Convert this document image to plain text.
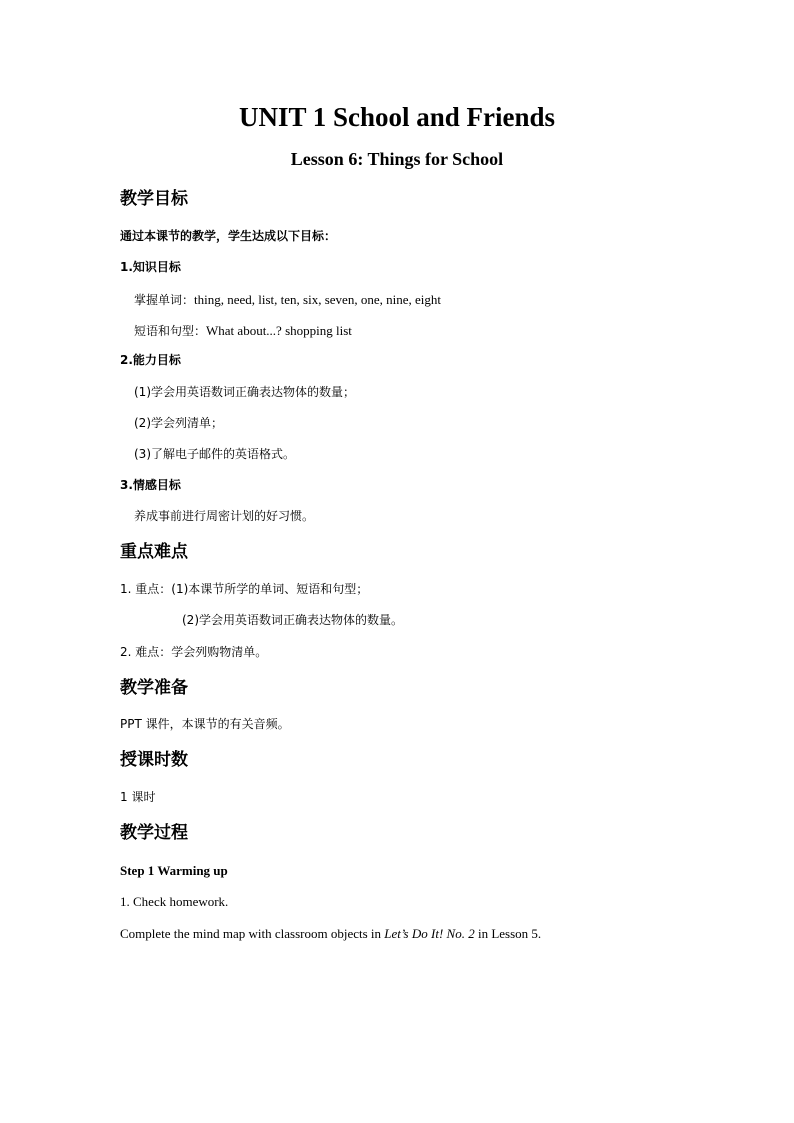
UNIT 1 School and Friends
Lesson 6: Things for School
教学目标
通过本课节的教学，学生达成以下目标：
1.知识目标
掌握单词：thing, need, list, ten, six, seven, one, nine, eight
短语和句型：What about...? shopping list
2.能力目标
(1)学会用英语数词正确表达物体的数量；
(2)学会列清单；
(3)了解电子邮件的英语格式。
3.情感目标
养成事前进行周密计划的好习惯。
重点难点
1. 重点：(1)本课节所学的单词、短语和句型；
(2)学会用英语数词正确表达物体的数量。
2. 难点：学会列购物清单。
教学准备
PPT 课件，本课节的有关音频。
授课时数
1 课时
教学过程
Step 1 Warming up
1. Check homework.
Complete the mind map with classroom objects in Let’s Do It! No. 2 in Lesson 5.
